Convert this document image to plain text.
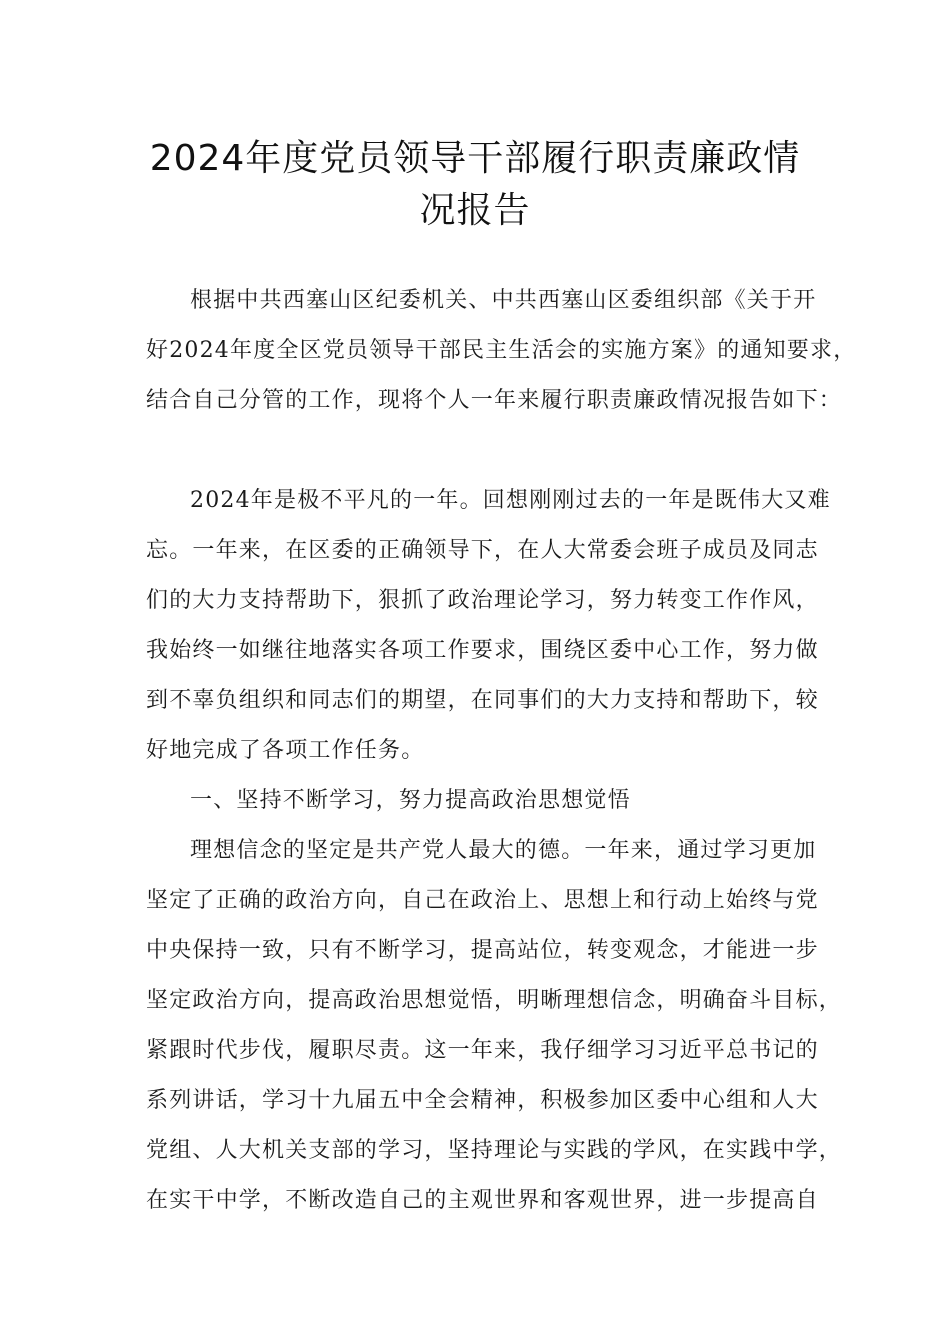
2024年度党员领导干部履行职责廉政情
况报告
根据中共西塞山区纪委机关、中共西塞山区委组织部《关于开
好2024年度全区党员领导干部民主生活会的实施方案》的通知要求，
结合自己分管的工作，现将个人一年来履行职责廉政情况报告如下：
2024年是极不平凡的一年。回想刚刚过去的一年是既伟大又难
忘。一年来，在区委的正确领导下，在人大常委会班子成员及同志
们的大力支持帮助下，狠抓了政治理论学习，努力转变工作作风，
我始终一如继往地落实各项工作要求，围绕区委中心工作，努力做
到不辜负组织和同志们的期望，在同事们的大力支持和帮助下，较
好地完成了各项工作任务。
一、坚持不断学习，努力提高政治思想觉悟
理想信念的坚定是共产党人最大的德。一年来，通过学习更加
坚定了正确的政治方向，自己在政治上、思想上和行动上始终与党
中央保持一致，只有不断学习，提高站位，转变观念，才能进一步
坚定政治方向，提高政治思想觉悟，明晰理想信念，明确奋斗目标，
紧跟时代步伐，履职尽责。这一年来，我仔细学习习近平总书记的
系列讲话，学习十九届五中全会精神，积极参加区委中心组和人大
党组、人大机关支部的学习，坚持理论与实践的学风，在实践中学，
在实干中学，不断改造自己的主观世界和客观世界，进一步提高自
